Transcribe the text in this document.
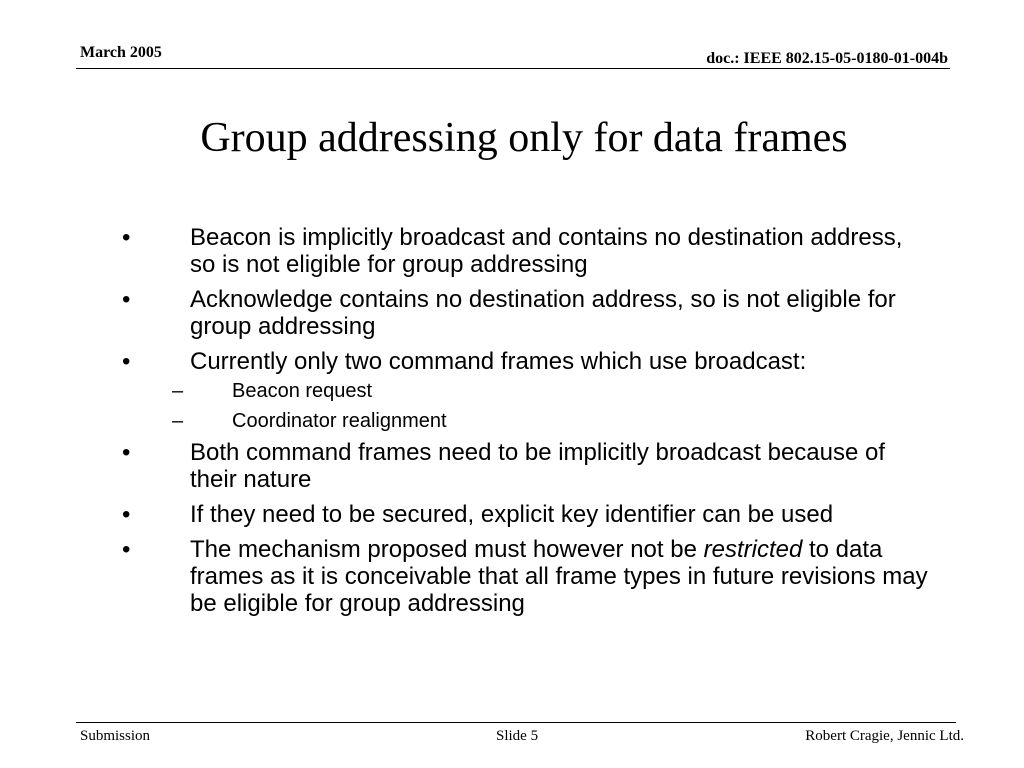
March 2005	doc.: IEEE 802.15-05-0180-01-004b
Group addressing only for data frames
•	Beacon is implicitly broadcast and contains no destination address, so is not eligible for group addressing
•	Acknowledge contains no destination address, so is not eligible for group addressing
•	Currently only two command frames which use broadcast:
– Beacon request
– Coordinator realignment
•	Both command frames need to be implicitly broadcast because of their nature
•	If they need to be secured, explicit key identifier can be used
•	The mechanism proposed must however not be restricted to data frames as it is conceivable that all frame types in future revisions may be eligible for group addressing
Submission	Slide 5	Robert Cragie, Jennic Ltd.
